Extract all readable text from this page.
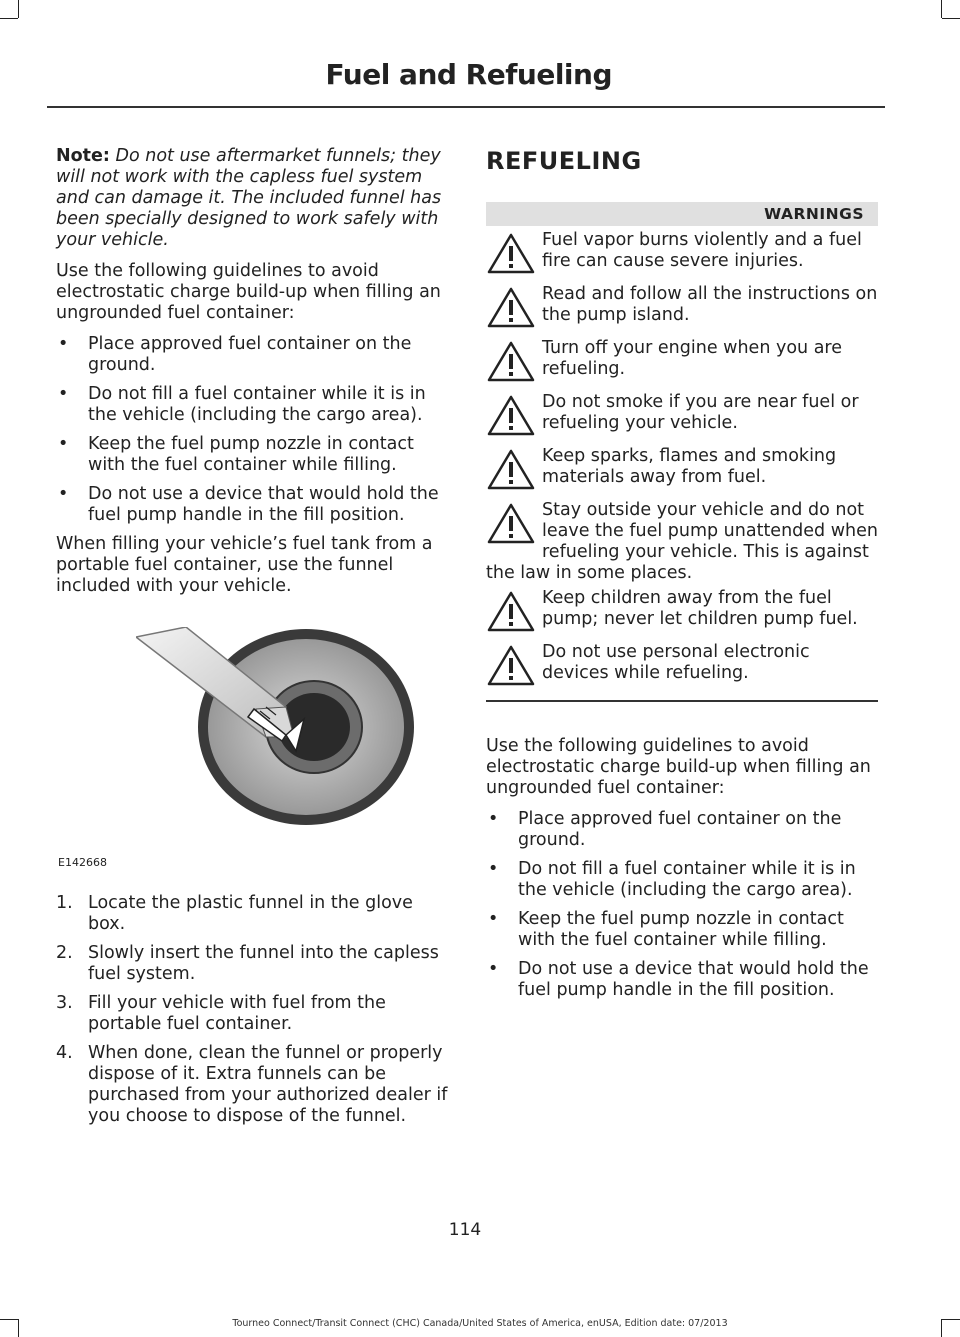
Fuel and Refueling

Note: Do not use aftermarket funnels; they will not work with the capless fuel system and can damage it. The included funnel has been specially designed to work safely with your vehicle.

Use the following guidelines to avoid electrostatic charge build-up when filling an ungrounded fuel container:

• Place approved fuel container on the ground.
• Do not fill a fuel container while it is in the vehicle (including the cargo area).
• Keep the fuel pump nozzle in contact with the fuel container while filling.
• Do not use a device that would hold the fuel pump handle in the fill position.

When filling your vehicle’s fuel tank from a portable fuel container, use the funnel included with your vehicle.

E142668
1. Locate the plastic funnel in the glove box.
2. Slowly insert the funnel into the capless fuel system.
3. Fill your vehicle with fuel from the portable fuel container.
4. When done, clean the funnel or properly dispose of it. Extra funnels can be purchased from your authorized dealer if you choose to dispose of the funnel.
REFUELING
WARNINGS
Fuel vapor burns violently and a fuel fire can cause severe injuries.
Read and follow all the instructions on the pump island.
Turn off your engine when you are refueling.
Do not smoke if you are near fuel or refueling your vehicle.
Keep sparks, flames and smoking materials away from fuel.
Stay outside your vehicle and do not leave the fuel pump unattended when refueling your vehicle. This is against the law in some places.
Keep children away from the fuel pump; never let children pump fuel.
Do not use personal electronic devices while refueling.

Use the following guidelines to avoid electrostatic charge build-up when filling an ungrounded fuel container:

• Place approved fuel container on the ground.
• Do not fill a fuel container while it is in the vehicle (including the cargo area).
• Keep the fuel pump nozzle in contact with the fuel container while filling.
• Do not use a device that would hold the fuel pump handle in the fill position.
114
Tourneo Connect/Transit Connect (CHC) Canada/United States of America, enUSA, Edition date: 07/2013
